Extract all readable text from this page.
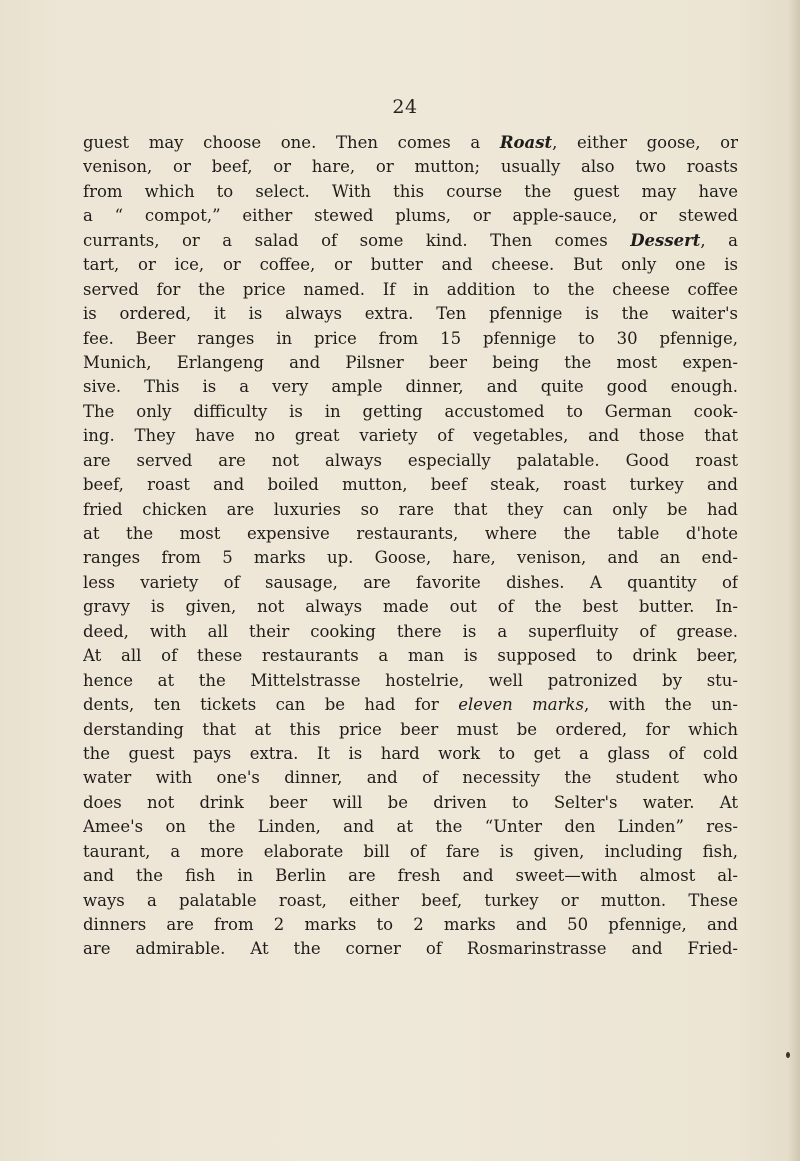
24
guest may choose one. Then comes a Roast, either goose, or
venison, or beef, or hare, or mutton; usually also two roasts
from which to select. With this course the guest may have
a “ compot,” either stewed plums, or apple-sauce, or stewed
currants, or a salad of some kind. Then comes Dessert, a
tart, or ice, or coffee, or butter and cheese. But only one is
served for the price named. If in addition to the cheese coffee
is ordered, it is always extra. Ten pfennige is the waiter's
fee. Beer ranges in price from 15 pfennige to 30 pfennige,
Munich, Erlangeng and Pilsner beer being the most expen-
sive. This is a very ample dinner, and quite good enough.
The only difficulty is in getting accustomed to German cook-
ing. They have no great variety of vegetables, and those that
are served are not always especially palatable. Good roast
beef, roast and boiled mutton, beef steak, roast turkey and
fried chicken are luxuries so rare that they can only be had
at the most expensive restaurants, where the table d'hote
ranges from 5 marks up. Goose, hare, venison, and an end-
less variety of sausage, are favorite dishes. A quantity of
gravy is given, not always made out of the best butter. In-
deed, with all their cooking there is a superfluity of grease.
At all of these restaurants a man is supposed to drink beer,
hence at the Mittelstrasse hostelrie, well patronized by stu-
dents, ten tickets can be had for eleven marks, with the un-
derstanding that at this price beer must be ordered, for which
the guest pays extra. It is hard work to get a glass of cold
water with one's dinner, and of necessity the student who
does not drink beer will be driven to Selter's water. At
Amee's on the Linden, and at the “Unter den Linden” res-
taurant, a more elaborate bill of fare is given, including fish,
and the fish in Berlin are fresh and sweet—with almost al-
ways a palatable roast, either beef, turkey or mutton. These
dinners are from 2 marks to 2 marks and 50 pfennige, and
are admirable. At the corner of Rosmarinstrasse and Fried-
